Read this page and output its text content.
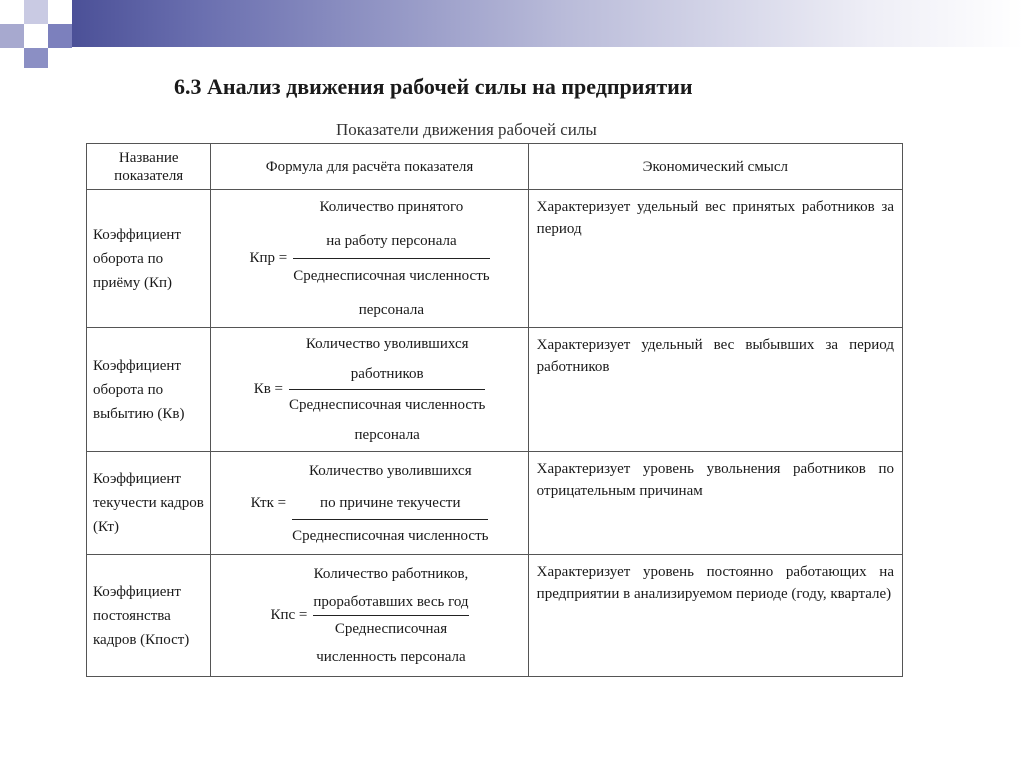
6.3 Анализ движения рабочей силы на предприятии
Показатели движения рабочей силы
Название показателя	Формула для расчёта показателя	Экономический смысл
Коэффициент оборота по приёму (Кп)	Кпр =
Количество принятого
на работу персонала
Среднесписочная численность
персонала	Характеризует удельный вес принятых работников за период
Коэффициент оборота по выбытию (Кв)	Кв =
Количество уволившихся
работников
Среднесписочная численность
персонала	Характеризует удельный вес выбывших за период работников
Коэффициент текучести кадров (Кт)	Ктк =
Количество уволившихся
по причине текучести
Среднесписочная численность	Характеризует уровень увольнения работников по отрицательным причинам
Коэффициент постоянства кадров (Кпост)	Кпс =
Количество работников,
проработавших весь год
Среднесписочная
численность персонала	Характеризует уровень постоянно работающих на предприятии в анализируемом периоде (году, квартале)
